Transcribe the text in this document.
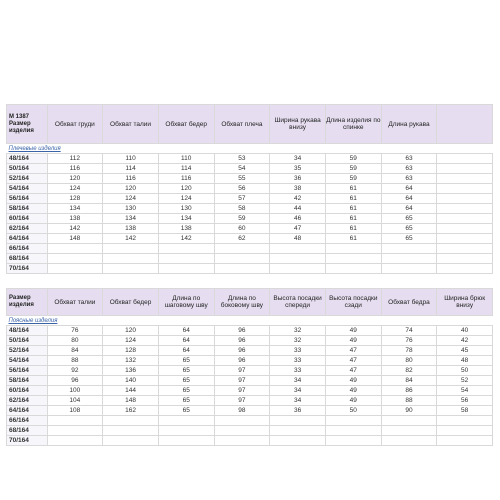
М 1387
Размер изделия	Обхват груди	Обхват талии	Обхват бедер	Обхват плеча	Ширина рукава внизу	Длина изделия по спинке	Длина рукава	
Плечевые изделия								
48/164	112	110	110	53	34	59	63	
50/164	116	114	114	54	35	59	63	
52/164	120	116	116	55	36	59	63	
54/164	124	120	120	56	38	61	64	
56/164	128	124	124	57	42	61	64	
58/164	134	130	130	58	44	61	64	
60/164	138	134	134	59	46	61	65	
62/164	142	138	138	60	47	61	65	
64/164	148	142	142	62	48	61	65	
66/164								
68/164								
70/164								

Размер изделия	Обхват талии	Обхват бедер	Длина по шаговому шву	Длина по боковому шву	Высота посадки спереди	Высота посадки сзади	Обхват бедра	Ширина брюк внизу
Поясные изделия								
48/164	76	120	64	96	32	49	74	40
50/164	80	124	64	96	32	49	76	42
52/164	84	128	64	96	33	47	78	45
54/164	88	132	65	96	33	47	80	48
56/164	92	136	65	97	33	47	82	50
58/164	96	140	65	97	34	49	84	52
60/164	100	144	65	97	34	49	86	54
62/164	104	148	65	97	34	49	88	56
64/164	108	162	65	98	36	50	90	58
66/164								
68/164								
70/164								
